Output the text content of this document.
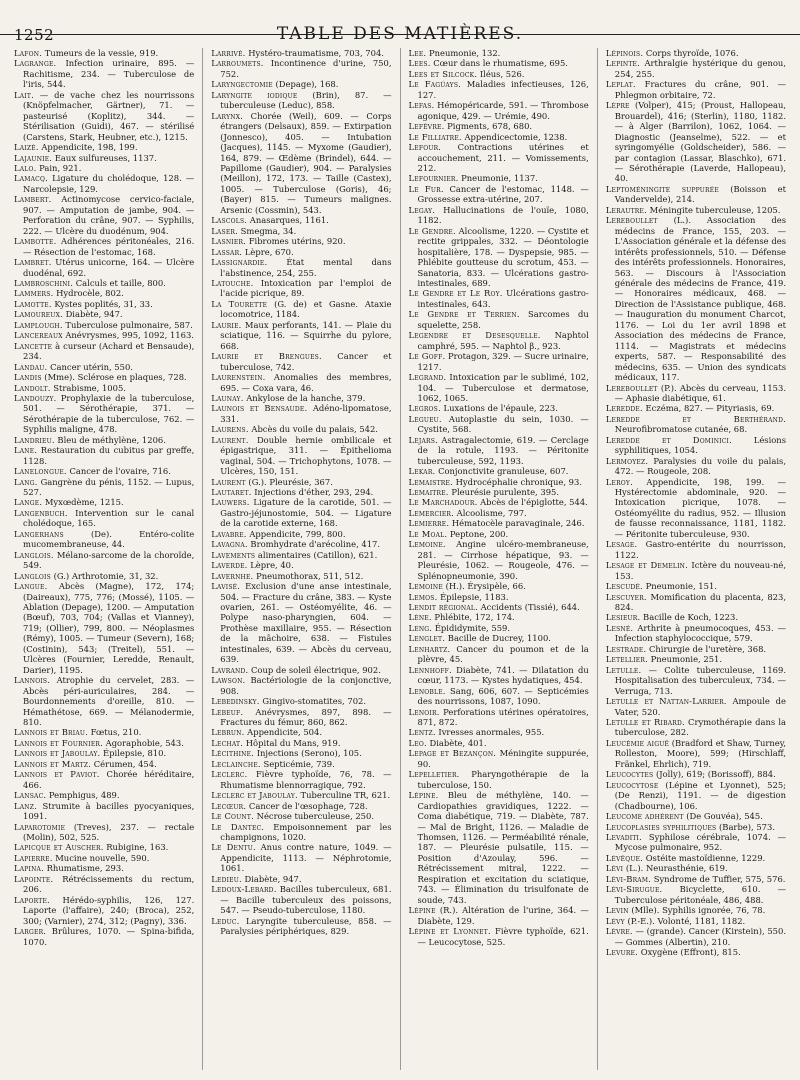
1252	TABLE DES MATIÈRES.

Lafon. Tumeurs de la vessie, 919.

Lagrange. Infection urinaire, 895. — Rachitisme, 234. — Tuberculose de l'iris, 544.

Lait. — de vache chez les nourrissons (Knöpfelmacher, Gärtner), 71. — pasteurisé (Koplitz), 344. — Stérilisation (Guidi), 467. — stérilisé (Carstens, Stark, Heubner, etc.), 1215.

Laizé. Appendicite, 198, 199.

Lajaunie. Eaux sulfureuses, 1137.

Lalo. Pain, 921.

Lamacq. Ligature du cholédoque, 128. — Narcolepsie, 129.

Lambert. Actinomycose cervico-faciale, 907. — Amputation de jambe, 904. — Perforation du crâne, 907. — Syphilis, 222. — Ulcère du duodénum, 904.

Lambotte. Adhérences péritonéales, 216. — Résection de l'estomac, 168.

Lambret. Utérus unicorne, 164. — Ulcère duodénal, 692.

Lambroschini. Calculs et taille, 800.

Lammers. Hydrocèle, 802.

Lamotte. Kystes poplités, 31, 33.

Lamoureux. Diabète, 947.

Lamplough. Tuberculose pulmonaire, 587.

Lancereaux Anévrysmes, 995, 1092, 1163.

Lancette à curseur (Achard et Bensaude), 234.

Landau. Cancer utérin, 550.

Landis (Mme). Sclérose en plaques, 728.

Landolt. Strabisme, 1005.

Landouzy. Prophylaxie de la tuberculose, 501. — Sérothérapie, 371. — Sérothérapie de la tuberculose, 762. — Syphilis maligne, 478.

Landrieu. Bleu de méthylène, 1206.

Lane. Restauration du cubitus par greffe, 1128.

Lanelongue. Cancer de l'ovaire, 716.

Lang. Gangrène du pénis, 1152. — Lupus, 527.

Lange. Myxœdème, 1215.

Langenbuch. Intervention sur le canal cholédoque, 165.

Langerhans (De). Entéro-colite mucomembraneuse, 44.

Langlois. Mélano-sarcome de la choroïde, 549.

Langlois (G.) Arthrotomie, 31, 32.

Langue. Abcès (Magne), 172, 174; (Daireaux), 775, 776; (Mossé), 1105. — Ablation (Depage), 1200. — Amputation (Bœuf), 703, 704; (Vallas et Vianney), 719; (Ollier), 799, 800. — Néoplasmes (Rémy), 1005. — Tumeur (Severn), 168; (Costinin), 543; (Treitel), 551. — Ulcères (Fournier, Leredde, Renault, Darier), 1195.

Lannois. Atrophie du cervelet, 283. — Abcès péri-auriculaires, 284. — Bourdonnements d'oreille, 810. — Hémathétose, 669. — Mélanodermie, 810.

Lannois et Briau. Fœtus, 210.

Lannois et Fournier. Agoraphobie, 543.

Lannois et Jaboulay. Épilepsie, 810.

Lannois et Martz. Cérumen, 454.

Lannois et Paviot. Chorée héréditaire, 466.

Lansac. Pemphigus, 489.

Lanz. Strumite à bacilles pyocyaniques, 1091.

Laparotomie (Treves), 237. — rectale (Molin), 502, 525.

Lapicque et Auscher. Rubigine, 163.

Lapierre. Mucine nouvelle, 590.

Lapina. Rhumatisme, 293.

Lapointe. Rétrécissements du rectum, 206.

Laporte. Hérédo-syphilis, 126, 127. Laporte (l'affaire), 240; (Broca), 252, 300; (Varnier), 274, 312; (Pagny), 336.

Larger. Brûlures, 1070. — Spina-bifida, 1070.

Larrivé. Hystéro-traumatisme, 703, 704.

Larroumets. Incontinence d'urine, 750, 752.

Laryngectomie (Depage), 168.

Laryngite iodique (Brin), 87. — tuberculeuse (Leduc), 858.

Larynx. Chorée (Weil), 609. — Corps étrangers (Delsaux), 859. — Extirpation (Jonnesco), 405. — Intubation (Jacques), 1145. — Myxome (Gaudier), 164, 879. — Œdème (Brindel), 644. — Papillome (Gaudier), 904. — Paralysies (Meillon), 172, 173. — Taille (Castex), 1005. — Tuberculose (Goris), 46; (Bayer) 815. — Tumeurs malignes. Arsenic (Cossmin), 543.

Lascols. Anasarques, 1161.

Laser. Smegma, 34.

Lasnier. Fibromes utérins, 920.

Lassar. Lèpre, 670.

Lassignardie. État mental dans l'abstinence, 254, 255.

Latouche. Intoxication par l'emploi de l'acide picrique, 89.

La Tourette (G. de) et Gasne. Ataxie locomotrice, 1184.

Laurie. Maux perforants, 141. — Plaie du sciatique, 116. — Squirrhe du pylore, 668.

Laurie et Brengues. Cancer et tuberculose, 742.

Laurenstein. Anomalies des membres, 695. — Coxa vara, 46.

Launay. Ankylose de la hanche, 379.

Launois et Bensaude. Adéno-lipomatose, 331.

Laurens. Abcès du voile du palais, 542.

Laurent. Double hernie ombilicale et épigastrique, 311. — Épithelioma vaginal, 504. — Trichophytons, 1078. — Ulcères, 150, 151.

Laurent (G.). Pleurésie, 367.

Lautaret. Injections d'éther, 293, 294.

Lauwers. Ligature de la carotide, 501. — Gastro-jéjunostomie, 504. — Ligature de la carotide externe, 168.

Lavabre. Appendicite, 799, 800.

Lavagna. Bromhydrate d'arécoline, 417.

Lavements alimentaires (Catillon), 621.

Laverde. Lèpre, 40.

Lavernhe. Pneumothorax, 511, 512.

Lavisé. Exclusion d'une anse intestinale, 504. — Fracture du crâne, 383. — Kyste ovarien, 261. — Ostéomyélite, 46. — Polype naso-pharyngien, 604. — Prothèse maxillaire, 955. — Résection de la mâchoire, 638. — Fistules intestinales, 639. — Abcès du cerveau, 639.

Lavrand. Coup de soleil électrique, 902.

Lawson. Bactériologie de la conjonctive, 908.

Lebedinsky. Gingivo-stomatites, 702.

Lebeuf. Anévrysmes, 897, 898. — Fractures du fémur, 860, 862.

Lebrun. Appendicite, 504.

Lechat. Hôpital du Mans, 919.

Lécithine. Injections (Serono), 105.

Leclainche. Septicémie, 739.

Leclerc. Fièvre typhoïde, 76, 78. — Rhumatisme blennorragique, 792.

Leclerc et Jaboulay. Tuberculine TR, 621.

Lecœur. Cancer de l'œsophage, 728.

Le Count. Nécrose tuberculeuse, 250.

Le Dantec. Empoisonnement par les champignons, 1020.

Le Dentu. Anus contre nature, 1049. — Appendicite, 1113. — Néphrotomie, 1061.

Ledieu. Diabète, 947.

Ledoux-Lebard. Bacilles tuberculeux, 681. — Bacille tuberculeux des poissons, 547. — Pseudo-tuberculose, 1180.

Leduc. Laryngite tuberculeuse, 858. — Paralysies périphériques, 829.

Lee. Pneumonie, 132.

Lees. Cœur dans le rhumatisme, 695.

Lees et Silcock. Iléus, 526.

Le Fagúays. Maladies infectieuses, 126, 127.

Lefas. Hémopéricarde, 591. — Thrombose agonique, 429. — Urémie, 490.

Lefèvre. Pigments, 678, 680.

Le Filliatre. Appendicectomie, 1238.

Lefour. Contractions utérines et accouchement, 211. — Vomissements, 212.

Lefournier. Pneumonie, 1137.

Le Fur. Cancer de l'estomac, 1148. — Grossesse extra-utérine, 207.

Legay. Hallucinations de l'ouïe, 1080, 1182.

Le Gendre. Alcoolisme, 1220. — Cystite et rectite grippales, 332. — Déontologie hospitalière, 178. — Dyspepsie, 985. — Phlébite goutteuse du scrotum, 453. — Sanatoria, 833. — Ulcérations gastro-intestinales, 689.

Le Gendre et Le Roy. Ulcérations gastro-intestinales, 643.

Le Gendre et Terrien. Sarcomes du squelette, 258.

Legendre et Desesquelle. Naphtol camphré, 595. — Naphtol β., 923.

Le Goff. Protagon, 329. — Sucre urinaire, 1217.

Legrand. Intoxication par le sublimé, 102, 104. — Tuberculose et dermatose, 1062, 1065.

Legros. Luxations de l'épaule, 223.

Legueu. Autoplastie du sein, 1030. — Cystite, 568.

Lejars. Astragalectomie, 619. — Cerclage de la rotule, 1193. — Péritonite tuberculeuse, 592, 1193.

Lekar. Conjonctivite granuleuse, 607.

Lemaistre. Hydrocéphalie chronique, 93.

Lemaitre. Pleurésie purulente, 395.

Le Marchadour. Abcès de l'épiglotte, 544.

Lemercier. Alcoolisme, 797.

Lemierre. Hématocèle paravaginale, 246.

Le Moal. Peptone, 200.

Lemoine. Angine ulcéro-membraneuse, 281. — Cirrhose hépatique, 93. — Pleurésie, 1062. — Rougeole, 476. — Splénopneumonie, 390.

Lemoine (H.). Érysipèle, 66.

Lemos. Épilepsie, 1183.

Lendit régional. Accidents (Tissié), 644.

Lène. Phlébite, 172, 174.

Leng. Épididymite, 559.

Lenglet. Bacille de Ducrey, 1100.

Lenhartz. Cancer du poumon et de la plèvre, 45.

Lennhoff. Diabète, 741. — Dilatation du cœur, 1173. — Kystes hydatiques, 454.

Lenoble. Sang, 606, 607. — Septicémies des nourrissons, 1087, 1090.

Lenoir. Perforations utérines opératoires, 871, 872.

Lentz. Ivresses anormales, 955.

Leo. Diabète, 401.

Lepage et Bezançon. Méningite suppurée, 90.

Lepelletier. Pharyngothérapie de la tuberculose, 150.

Lépine. Bleu de méthylène, 140. — Cardiopathies gravidiques, 1222. — Coma diabétique, 719. — Diabète, 787. — Mal de Bright, 1126. — Maladie de Thomsen, 1126. — Perméabilité rénale, 187. — Pleurésie pulsatile, 115. — Position d'Azoulay, 596. — Rétrécissement mitral, 1222. — Respiration et excitation du sciatique, 743. — Élimination du trisulfonate de soude, 743.

Lépine (R.). Altération de l'urine, 364. — Diabète, 129.

Lépine et Lyonnet. Fièvre typhoïde, 621. — Leucocytose, 525.

Lépinois. Corps thyroïde, 1076.

Lepinte. Arthralgie hystérique du genou, 254, 255.

Leplat. Fractures du crâne, 901. — Phlegmon orbitaire, 72.

Lèpre (Volper), 415; (Proust, Hallopeau, Brouardel), 416; (Sterlin), 1180, 1182. — à Alger (Barrilon), 1062, 1064. — Diagnostic (Jeanselme), 522. — et syringomyélie (Goldscheider), 586. — par contagion (Lassar, Blaschko), 671. — Sérothérapie (Laverde, Hallopeau), 40.

Leptoméningite suppurée (Boisson et Vandervelde), 214.

Lerautre. Méningite tuberculeuse, 1205.

Lereboullet (L.). Association des médecins de France, 155, 203. — L'Association générale et la défense des intérêts professionnels, 510. — Défense des intérêts professionnels. Honoraires, 563. — Discours à l'Association générale des médecins de France, 419. — Honoraires médicaux, 468. — Direction de l'Assistance publique, 468. — Inauguration du monument Charcot, 1176. — Loi du 1er avril 1898 et Association des médecins de France, 1114. — Magistrats et médecins experts, 587. — Responsabilité des médecins, 635. — Union des syndicats médicaux, 117.

Lereboullet (P.). Abcès du cerveau, 1153. — Aphasie diabétique, 61.

Leredde. Eczéma, 827. — Pityriasis, 69.

Leredde et Berthérand. Neurofibromatose cutanée, 68.

Leredde et Dominici. Lésions syphilitiques, 1054.

Lermoyez. Paralysies du voile du palais, 472. — Rougeole, 208.

Leroy. Appendicite, 198, 199. — Hystérectomie abdominale, 920. — Intoxication picrique, 1078. — Ostéomyélite du radius, 952. — Illusion de fausse reconnaissance, 1181, 1182. — Péritonite tuberculeuse, 930.

Lesage. Gastro-entérite du nourrisson, 1122.

Lesage et Demelin. Ictère du nouveau-né, 153.

Lescudé. Pneumonie, 151.

Lescuyer. Momification du placenta, 823, 824.

Lesieur. Bacille de Koch, 1223.

Lesné. Arthrite à pneumocoques, 453. — Infection staphylococcique, 579.

Lestrade. Chirurgie de l'uretère, 368.

Letellier. Pneumonie, 251.

Letulle. — Colite tuberculeuse, 1169. Hospitalisation des tuberculeux, 734. — Verruga, 713.

Letulle et Nattan-Larrier. Ampoule de Vater, 520.

Letulle et Ribard. Crymothérapie dans la tuberculose, 282.

Leucémie aiguë (Bradford et Shaw, Turney, Rolleston, Moore), 599; (Hirschlaff, Fränkel, Ehrlich), 719.

Leucocytes (Jolly), 619; (Borissoff), 884.

Leucocytose (Lépine et Lyonnet), 525; (De Renzi), 1191. — de digestion (Chadbourne), 106.

Leucome adhérent (De Gouvéa), 545.

Leucoplasies syphilitiques (Barbe), 573.

Levaditi. Syphilose cérébrale, 1074. — Mycose pulmonaire, 952.

Lévêque. Ostéite mastoïdienne, 1229.

Lévi (L.). Neurasthénie, 619.

Lévi-Bram. Syndrome de Tuffier, 575, 576.

Lévi-Sirugue. Bicyclette, 610. — Tuberculose péritonéale, 486, 488.

Levin (Mlle). Syphilis ignorée, 76, 78.

Lévy (P.-E.). Volonté, 1181, 1182.

Lèvre. — (grande). Cancer (Kirstein), 550. — Gommes (Albertin), 210.

Levure. Oxygène (Effront), 815.
